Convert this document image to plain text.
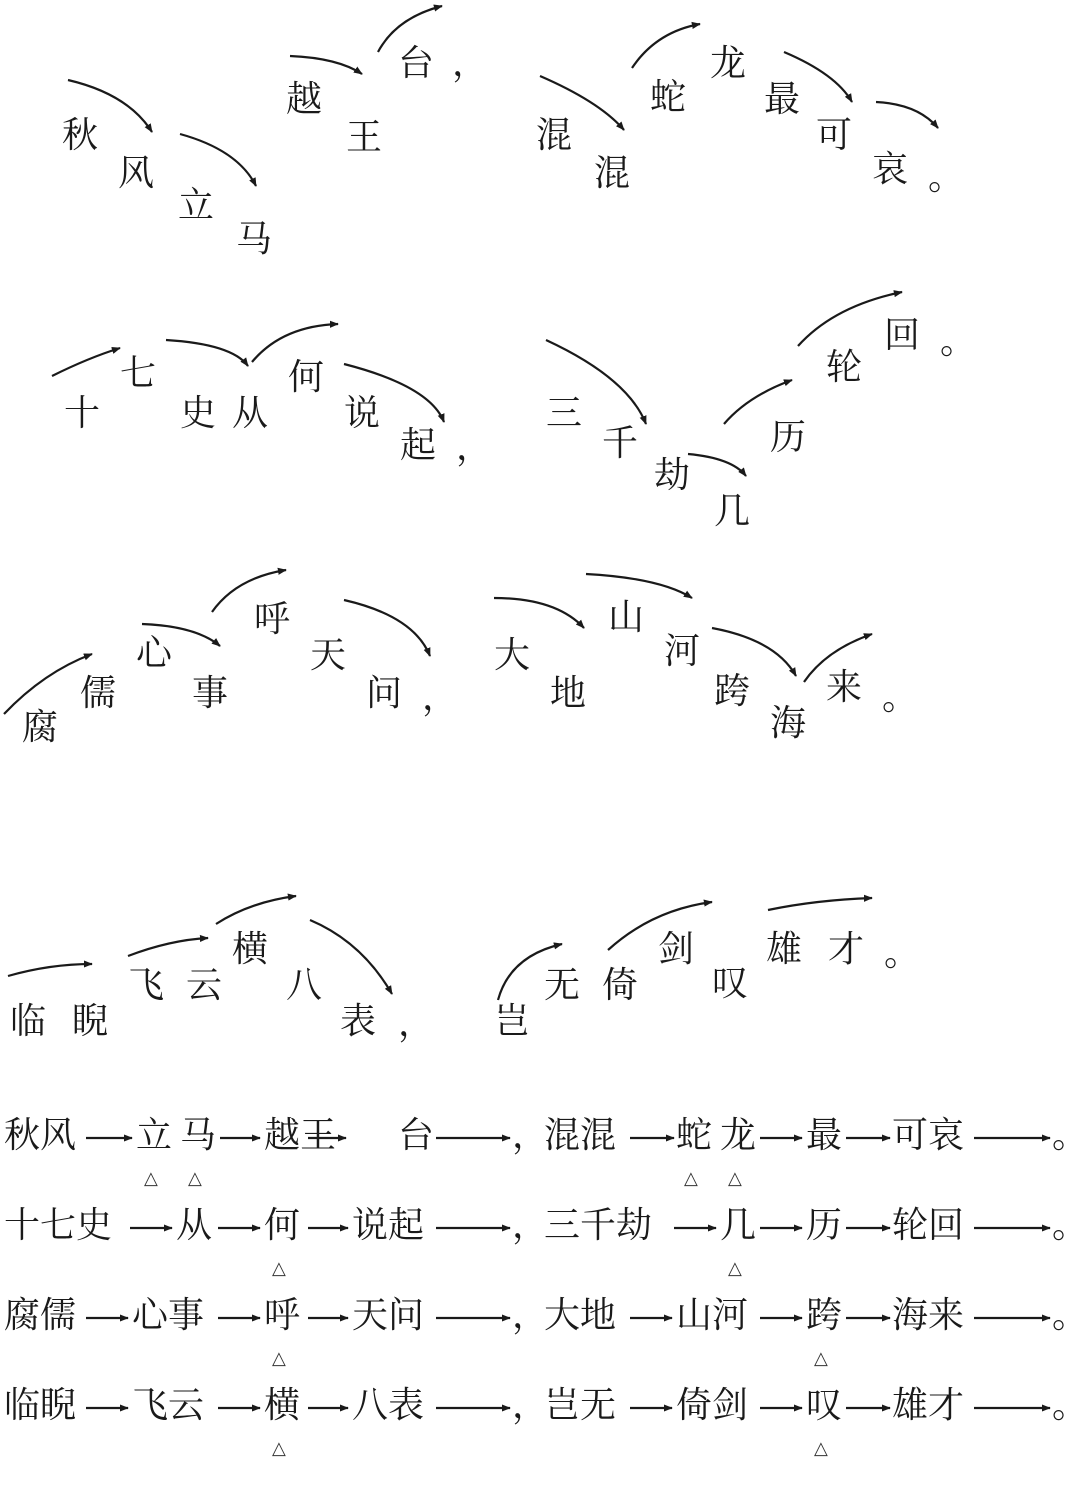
秋
风
立
马
越
王
台 ，
混
混
蛇
龙
最
可
哀 。
十
七
史 从
何
说
起 ，
三
千
劫
几
历
轮
回 。
腐
儒
心
事
呼
天
问 ，
大
地
山
河
跨
海
来 。
临 睨
飞 云
横
八
表 ， 岂
无 倚
剑
叹
雄 才 。
秋风 立 马 越王 台 ，
混混 蛇 龙 最 可哀 。
△ △	△ △
十七史 从 何 说起 ，
三千劫 几 历 轮回 。
△	△
腐儒 心事 呼 天问 ，
大地 山河 跨 海来 。
△	△
临睨 飞云 横 八表 ，
岂无 倚剑 叹 雄才 。
△	△
